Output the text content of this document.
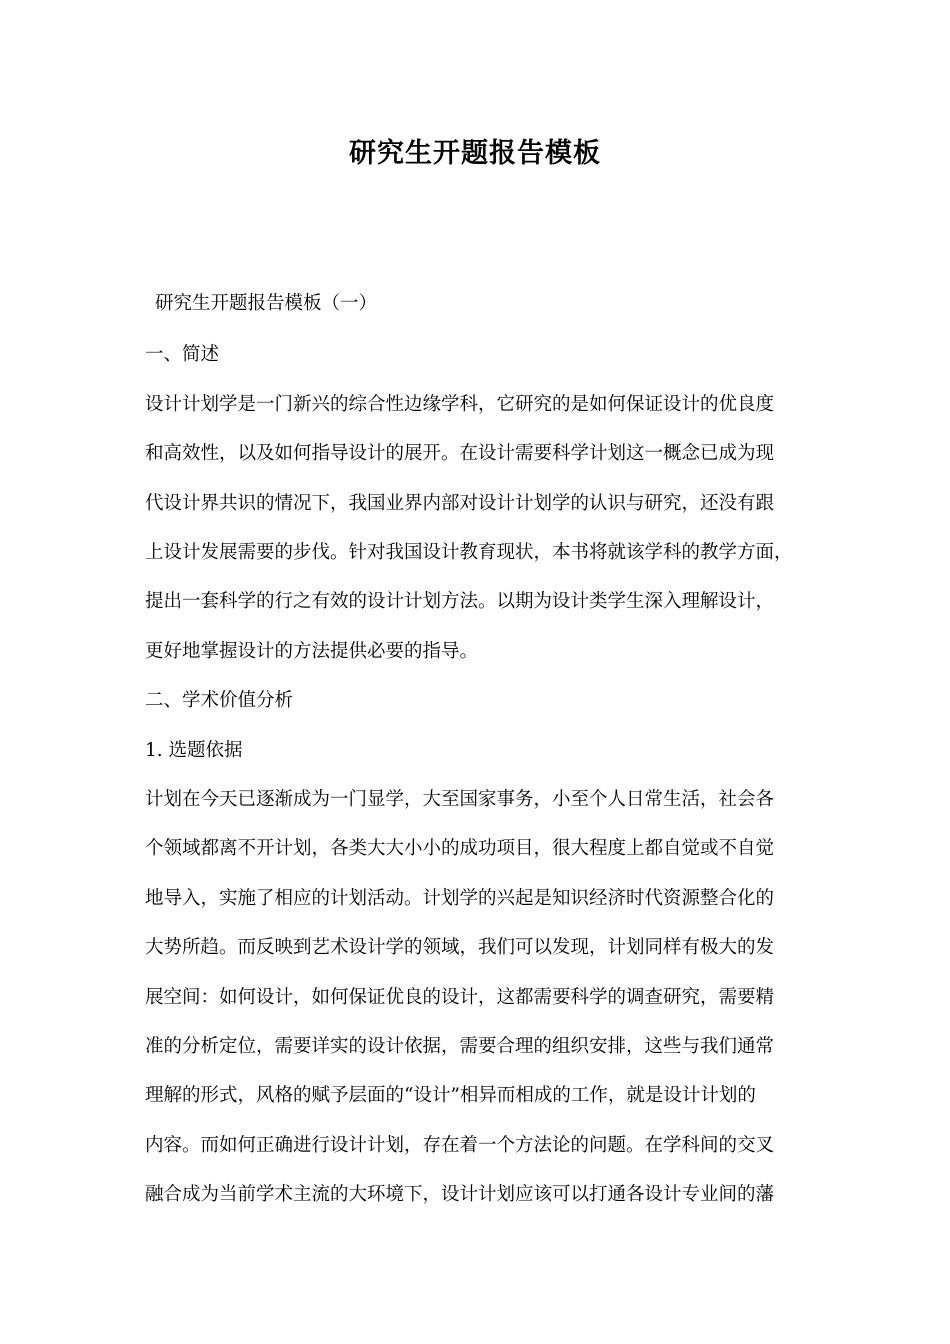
研究生开题报告模板
研究生开题报告模板（一）
一、简述
设计计划学是一门新兴的综合性边缘学科，它研究的是如何保证设计的优良度
和高效性，以及如何指导设计的展开。在设计需要科学计划这一概念已成为现
代设计界共识的情况下，我国业界内部对设计计划学的认识与研究，还没有跟
上设计发展需要的步伐。针对我国设计教育现状，本书将就该学科的教学方面，
提出一套科学的行之有效的设计计划方法。以期为设计类学生深入理解设计，
更好地掌握设计的方法提供必要的指导。
二、学术价值分析
1. 选题依据
计划在今天已逐渐成为一门显学，大至国家事务，小至个人日常生活，社会各
个领域都离不开计划，各类大大小小的成功项目，很大程度上都自觉或不自觉
地导入，实施了相应的计划活动。计划学的兴起是知识经济时代资源整合化的
大势所趋。而反映到艺术设计学的领域，我们可以发现，计划同样有极大的发
展空间：如何设计，如何保证优良的设计，这都需要科学的调查研究，需要精
准的分析定位，需要详实的设计依据，需要合理的组织安排，这些与我们通常
理解的形式，风格的赋予层面的“设计”相异而相成的工作，就是设计计划的
内容。而如何正确进行设计计划，存在着一个方法论的问题。在学科间的交叉
融合成为当前学术主流的大环境下，设计计划应该可以打通各设计专业间的藩
